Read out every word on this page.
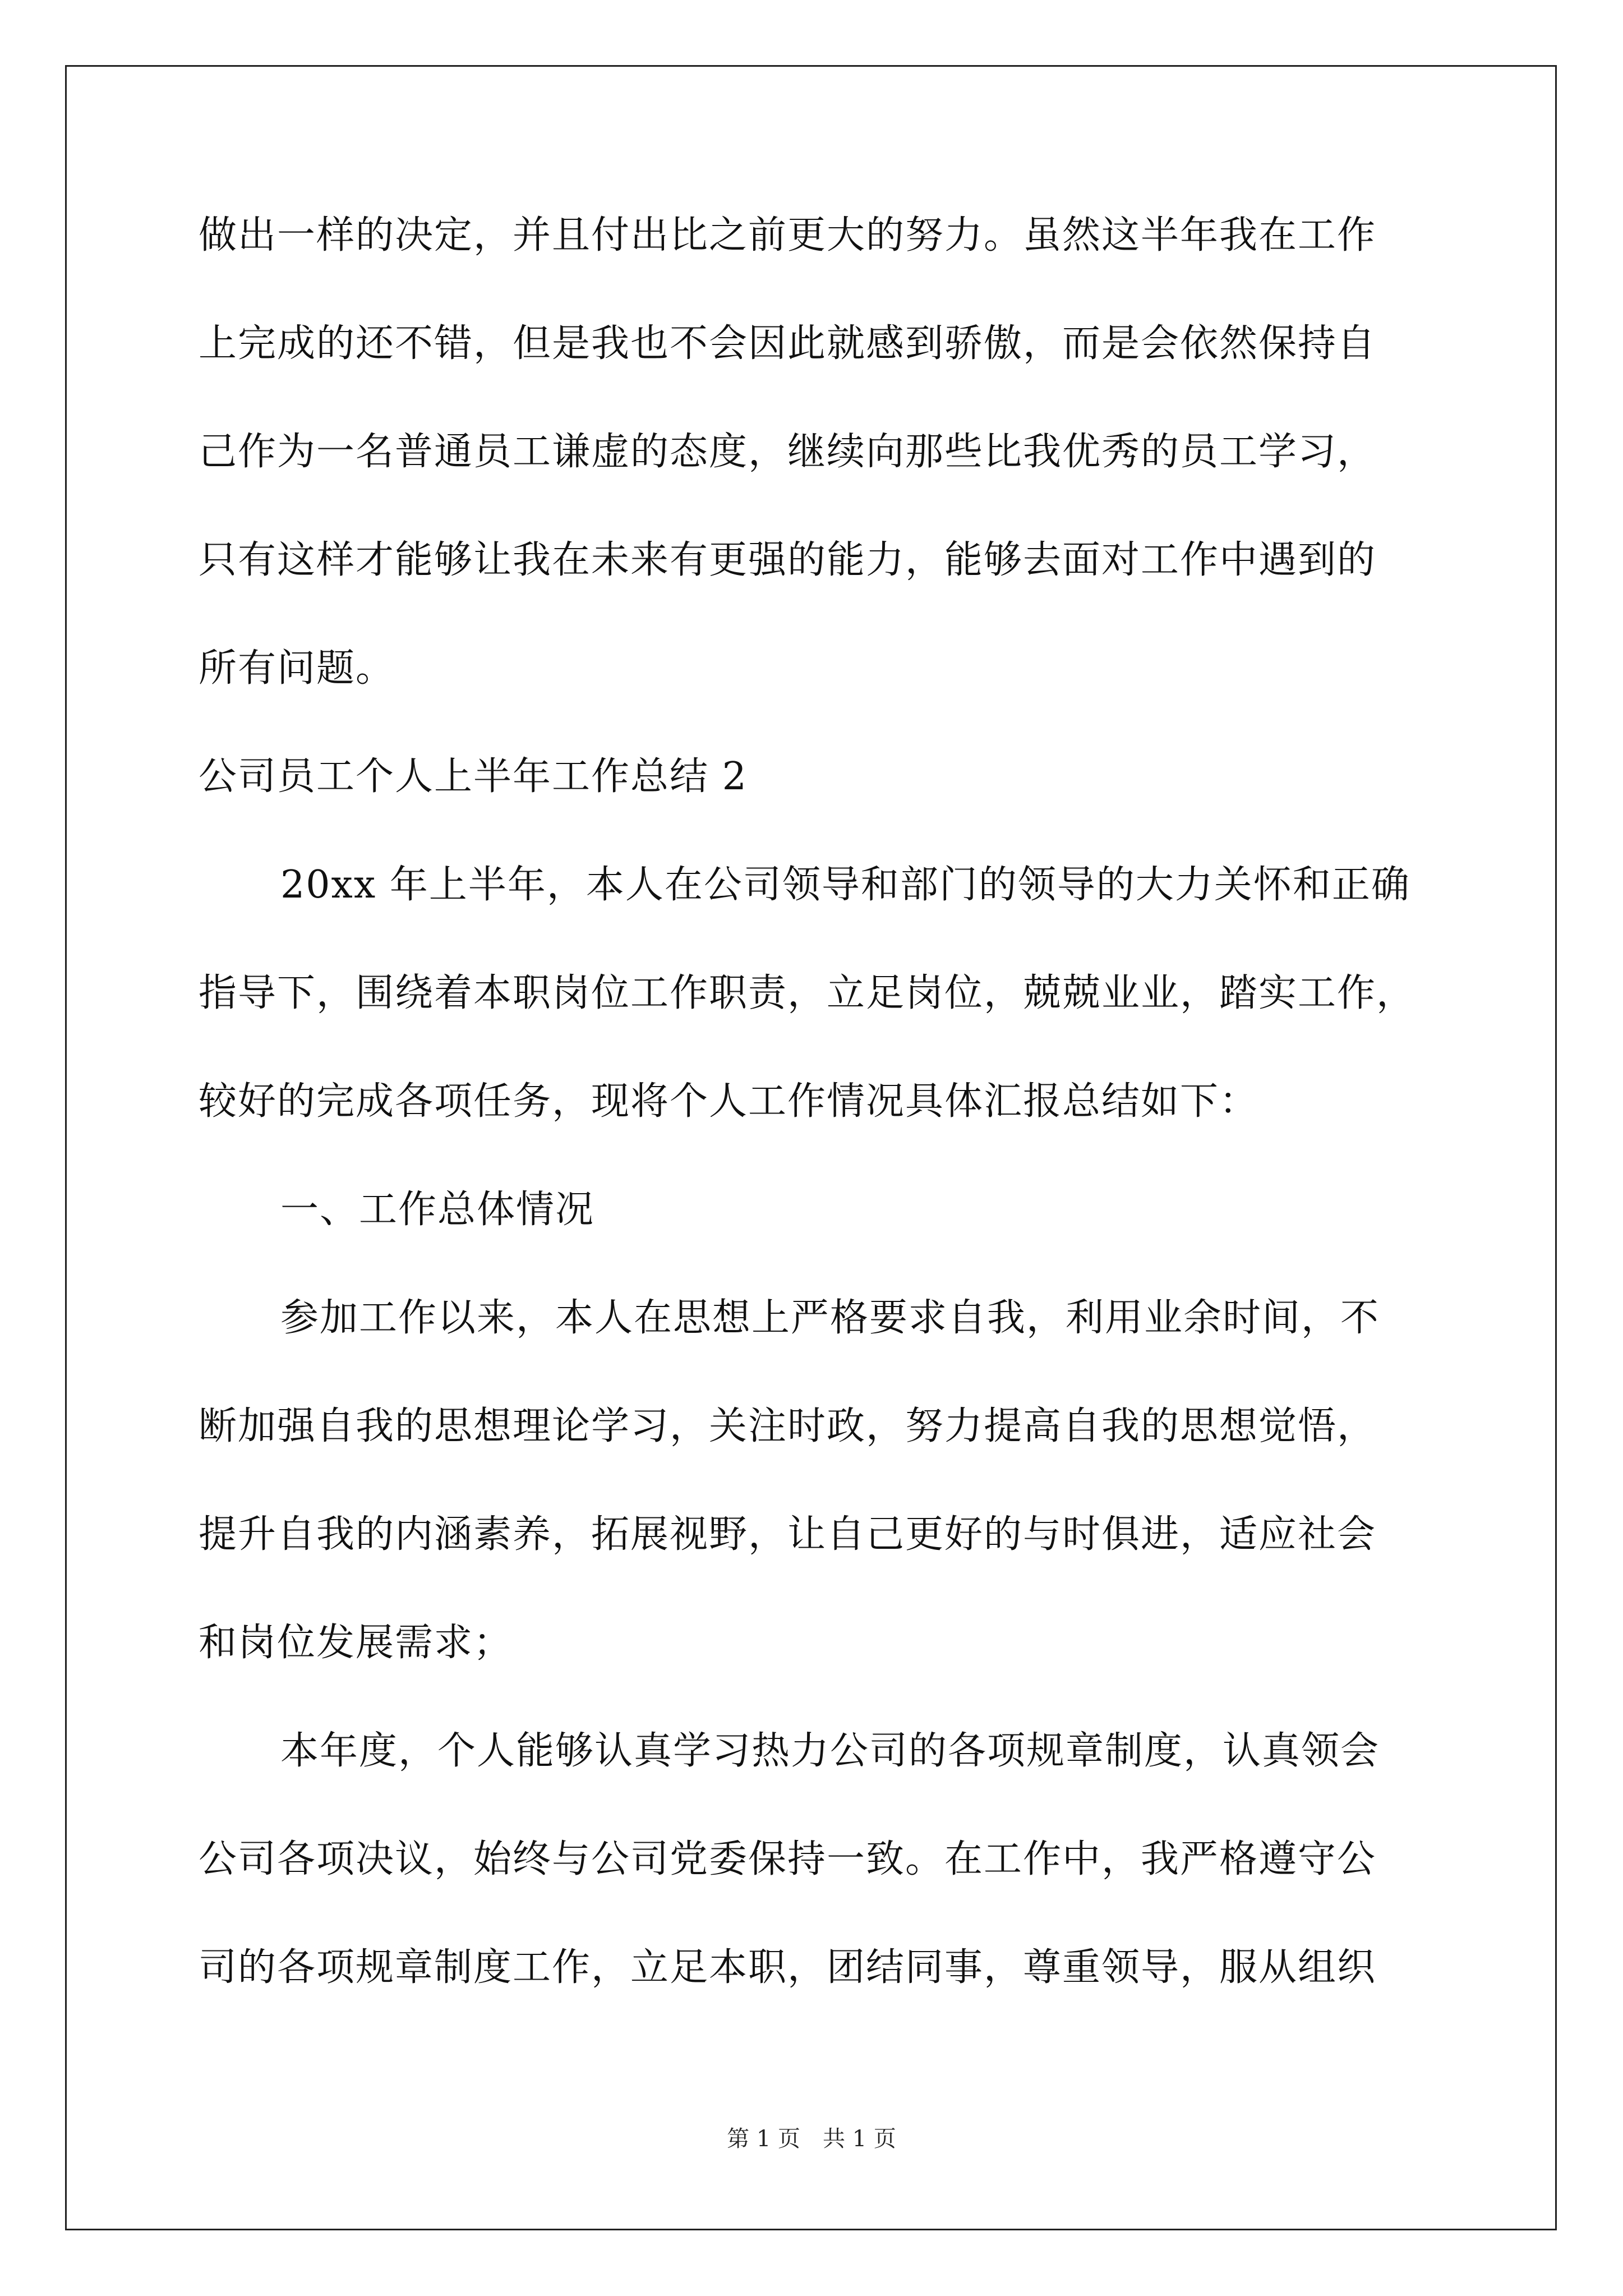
做出一样的决定，并且付出比之前更大的努力。虽然这半年我在工作
上完成的还不错，但是我也不会因此就感到骄傲，而是会依然保持自
己作为一名普通员工谦虚的态度，继续向那些比我优秀的员工学习，
只有这样才能够让我在未来有更强的能力，能够去面对工作中遇到的
所有问题。
公司员工个人上半年工作总结 2
20xx 年上半年，本人在公司领导和部门的领导的大力关怀和正确
指导下，围绕着本职岗位工作职责，立足岗位，兢兢业业，踏实工作，
较好的完成各项任务，现将个人工作情况具体汇报总结如下：
一、工作总体情况
参加工作以来，本人在思想上严格要求自我，利用业余时间，不
断加强自我的思想理论学习，关注时政，努力提高自我的思想觉悟，
提升自我的内涵素养，拓展视野，让自己更好的与时俱进，适应社会
和岗位发展需求；
本年度，个人能够认真学习热力公司的各项规章制度，认真领会
公司各项决议，始终与公司党委保持一致。在工作中，我严格遵守公
司的各项规章制度工作，立足本职，团结同事，尊重领导，服从组织
第 1 页　共 1 页
